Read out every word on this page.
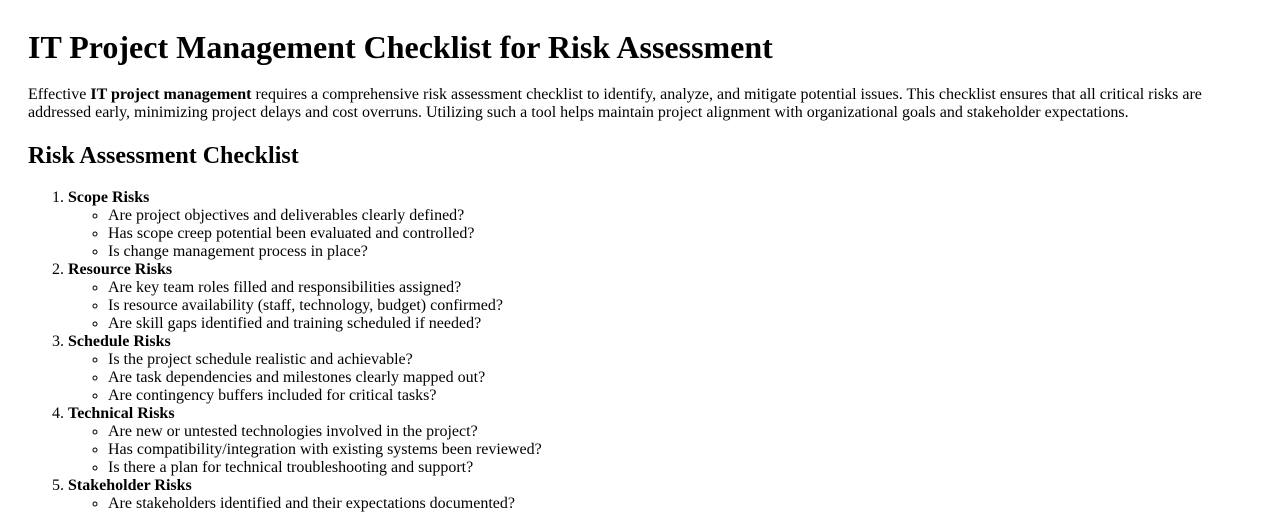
IT Project Management Checklist for Risk Assessment

Effective IT project management requires a comprehensive risk assessment checklist to identify, analyze, and mitigate potential issues. This checklist ensures that all critical risks are addressed early, minimizing project delays and cost overruns. Utilizing such a tool helps maintain project alignment with organizational goals and stakeholder expectations.

Risk Assessment Checklist
1. Scope Risks
◦ Are project objectives and deliverables clearly defined?
◦ Has scope creep potential been evaluated and controlled?
◦ Is change management process in place?
2. Resource Risks
◦ Are key team roles filled and responsibilities assigned?
◦ Is resource availability (staff, technology, budget) confirmed?
◦ Are skill gaps identified and training scheduled if needed?
3. Schedule Risks
◦ Is the project schedule realistic and achievable?
◦ Are task dependencies and milestones clearly mapped out?
◦ Are contingency buffers included for critical tasks?
4. Technical Risks
◦ Are new or untested technologies involved in the project?
◦ Has compatibility/integration with existing systems been reviewed?
◦ Is there a plan for technical troubleshooting and support?
5. Stakeholder Risks
◦ Are stakeholders identified and their expectations documented?
